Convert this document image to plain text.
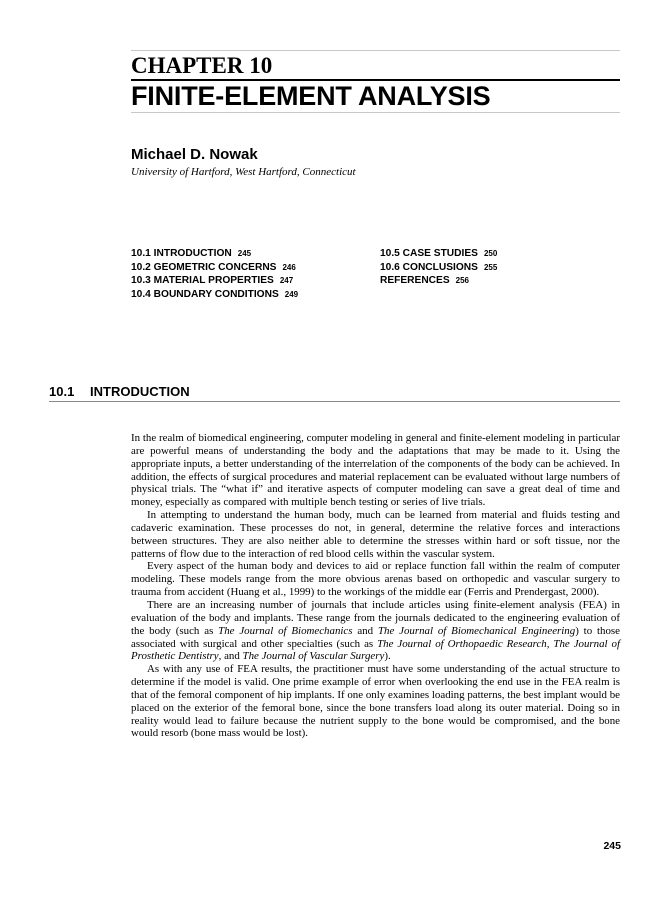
CHAPTER 10
FINITE-ELEMENT ANALYSIS
Michael D. Nowak
University of Hartford, West Hartford, Connecticut
10.1 INTRODUCTION 245
10.2 GEOMETRIC CONCERNS 246
10.3 MATERIAL PROPERTIES 247
10.4 BOUNDARY CONDITIONS 249
10.5 CASE STUDIES 250
10.6 CONCLUSIONS 255
REFERENCES 256
10.1 INTRODUCTION

In the realm of biomedical engineering, computer modeling in general and finite-element modeling in particular are powerful means of understanding the body and the adaptations that may be made to it. Using the appropriate inputs, a better understanding of the interrelation of the components of the body can be achieved. In addition, the effects of surgical procedures and material replacement can be evaluated without large numbers of physical trials. The “what if” and iterative aspects of computer modeling can save a great deal of time and money, especially as compared with multiple bench testing or series of live trials.

In attempting to understand the human body, much can be learned from material and fluids testing and cadaveric examination. These processes do not, in general, determine the relative forces and interactions between structures. They are also neither able to determine the stresses within hard or soft tissue, nor the patterns of flow due to the interaction of red blood cells within the vascular system.

Every aspect of the human body and devices to aid or replace function fall within the realm of computer modeling. These models range from the more obvious arenas based on orthopedic and vascular surgery to trauma from accident (Huang et al., 1999) to the workings of the middle ear (Ferris and Prendergast, 2000).

There are an increasing number of journals that include articles using finite-element analysis (FEA) in evaluation of the body and implants. These range from the journals dedicated to the engineering evaluation of the body (such as The Journal of Biomechanics and The Journal of Biomechanical Engineering) to those associated with surgical and other specialties (such as The Journal of Orthopaedic Research, The Journal of Prosthetic Dentistry, and The Journal of Vascular Surgery).

As with any use of FEA results, the practitioner must have some understanding of the actual structure to determine if the model is valid. One prime example of error when overlooking the end use in the FEA realm is that of the femoral component of hip implants. If one only examines loading patterns, the best implant would be placed on the exterior of the femoral bone, since the bone transfers load along its outer material. Doing so in reality would lead to failure because the nutrient supply to the bone would be compromised, and the bone would resorb (bone mass would be lost).

245
